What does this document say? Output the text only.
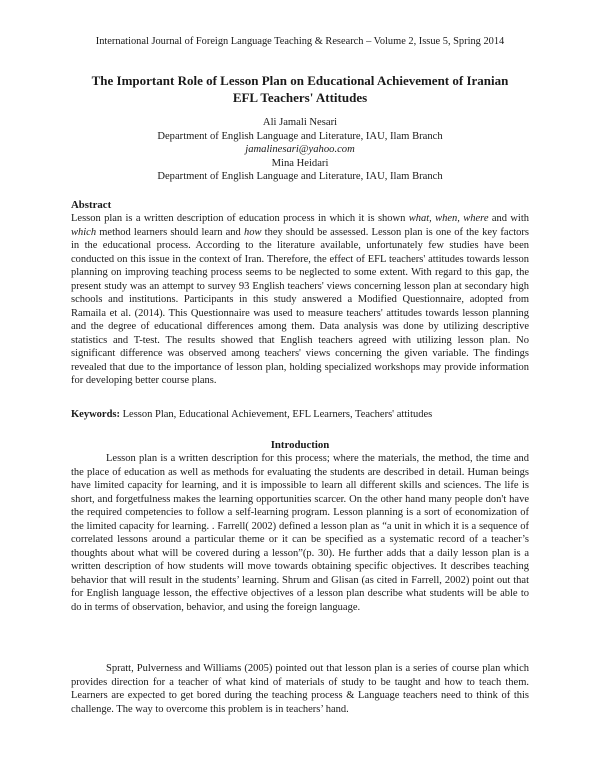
International Journal of Foreign Language Teaching & Research – Volume 2, Issue 5, Spring 2014
The Important Role of Lesson Plan on Educational Achievement of Iranian
EFL Teachers' Attitudes
Ali Jamali Nesari
Department of English Language and Literature, IAU, Ilam Branch
jamalinesari@yahoo.com
Mina Heidari
Department of English Language and Literature, IAU, Ilam Branch
Abstract

Lesson plan is a written description of education process in which it is shown what, when, where and with which method learners should learn and how they should be assessed. Lesson plan is one of the key factors in the educational process. According to the literature available, unfortunately few studies have been conducted on this issue in the context of Iran. Therefore, the effect of EFL teachers' attitudes towards lesson planning on improving teaching process seems to be neglected to some extent. With regard to this gap, the present study was an attempt to survey 93 English teachers' views concerning lesson plan at secondary high schools and institutions. Participants in this study answered a Modified Questionnaire, adopted from Ramaila et al. (2014). This Questionnaire was used to measure teachers' attitudes towards lesson planning and the degree of educational differences among them. Data analysis was done by utilizing descriptive statistics and T-test. The results showed that English teachers agreed with utilizing lesson plan. No significant difference was observed among teachers' views concerning the given variable. The findings revealed that due to the importance of lesson plan, holding specialized workshops may provide information for developing better course plans.

Keywords: Lesson Plan, Educational Achievement, EFL Learners, Teachers' attitudes
Introduction

Lesson plan is a written description for this process; where the materials, the method, the time and the place of education as well as methods for evaluating the students are described in detail. Human beings have limited capacity for learning, and it is impossible to learn all different skills and sciences. The life is short, and forgetfulness makes the learning opportunities scarcer. On the other hand many people don't have the required competencies to follow a self-learning program. Lesson planning is a sort of economization of the limited capacity for learning. . Farrell( 2002) defined a lesson plan as “a unit in which it is a sequence of correlated lessons around a particular theme or it can be specified as a systematic record of a teacher’s thoughts about what will be covered during a lesson”(p. 30). He further adds that a daily lesson plan is a written description of how students will move towards obtaining specific objectives. It describes teaching behavior that will result in the students’ learning. Shrum and Glisan (as cited in Farrell, 2002) point out that for English language lesson, the effective objectives of a lesson plan describe what students will be able to do in terms of observation, behavior, and using the foreign language.

Spratt, Pulverness and Williams (2005) pointed out that lesson plan is a series of course plan which provides direction for a teacher of what kind of materials of study to be taught and how to teach them. Learners are expected to get bored during the teaching process & Language teachers need to think of this challenge. The way to overcome this problem is in teachers’ hand.
